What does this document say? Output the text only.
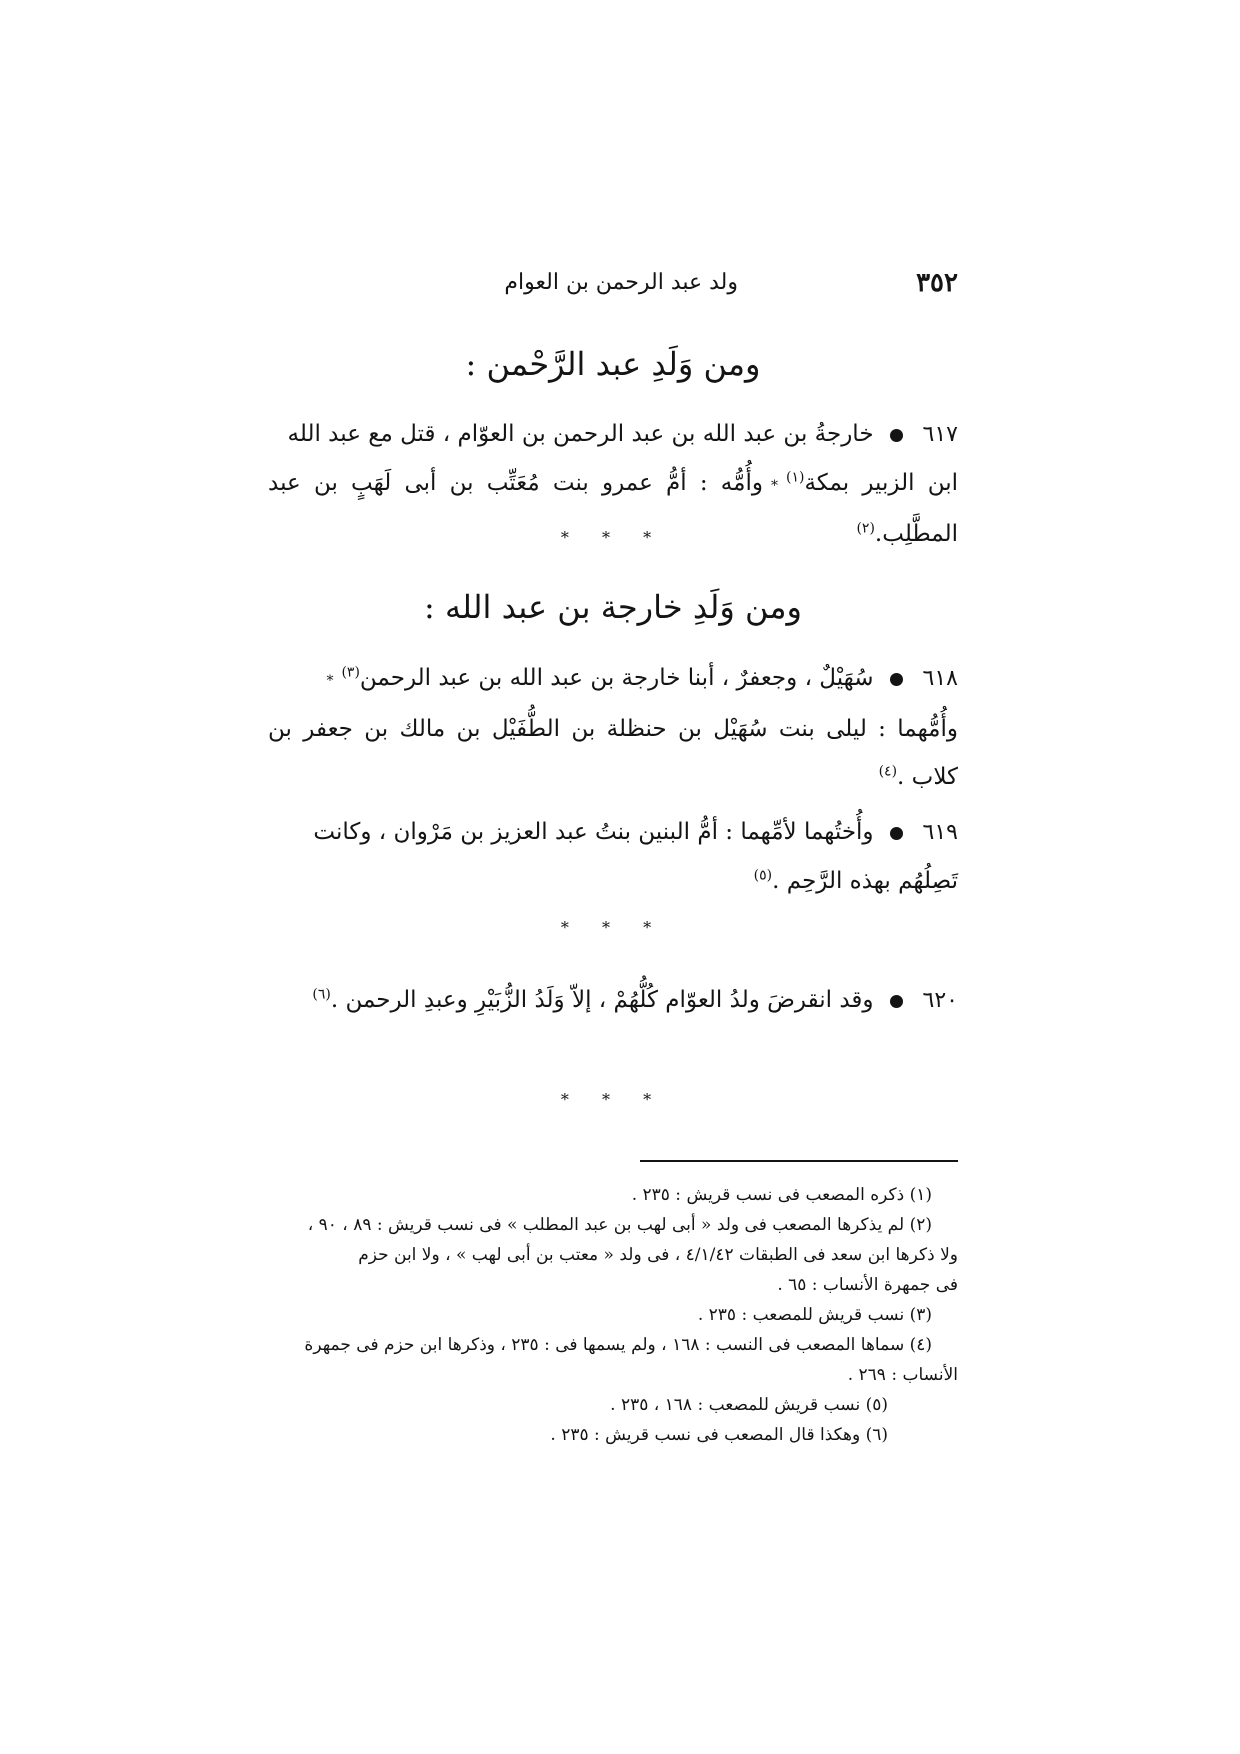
٣٥٢
ولد عبد الرحمن بن العوام
ومن وَلَدِ عبد الرَّحْمن :
٦١٧خارجةُ بن عبد الله بن عبد الرحمن بن العوّام ، قتل مع عبد الله
ابن الزبير بمكة$^{(١)}$*وأُمُّه : أمُّ عمرو بنت مُعَتِّب بن أبى لَهَبٍ بن عبد المطَّلِب.$^{(٢)}$
* * *
ومن وَلَدِ خارجة بن عبد الله :
٦١٨سُهَيْلٌ ، وجعفرٌ ، أبنا خارجة بن عبد الله بن عبد الرحمن$^{(٣)}$*
وأُمُّهما : ليلى بنت سُهَيْل بن حنظلة بن الطُّفَيْل بن مالك بن جعفر بن كلاب .$^{(٤)}$
٦١٩وأُختُهما لأمِّهما : أمُّ البنين بنتُ عبد العزيز بن مَرْوان ، وكانت
تَصِلُهُم بهذه الرَّحِم .$^{(٥)}$
* * *
٦٢٠وقد انقرضَ ولدُ العوّام كُلُّهُمْ ، إلاّ وَلَدُ الزُّبَيْرِ وعبدِ الرحمن .$^{(٦)}$
* * *

(١) ذكره المصعب فى نسب قريش : ٢٣٥ .

(٢) لم يذكرها المصعب فى ولد « أبى لهب بن عبد المطلب » فى نسب قريش : ٨٩ ، ٩٠ ،

ولا ذكرها ابن سعد فى الطبقات ٤/١/٤٢ ، فى ولد « معتب بن أبى لهب » ، ولا ابن حزم

فى جمهرة الأنساب : ٦٥ .

(٣) نسب قريش للمصعب : ٢٣٥ .

(٤) سماها المصعب فى النسب : ١٦٨ ، ولم يسمها فى : ٢٣٥ ، وذكرها ابن حزم فى جمهرة

الأنساب : ٢٦٩ .

(٥) نسب قريش للمصعب : ١٦٨ ، ٢٣٥ .

(٦) وهكذا قال المصعب فى نسب قريش : ٢٣٥ .
